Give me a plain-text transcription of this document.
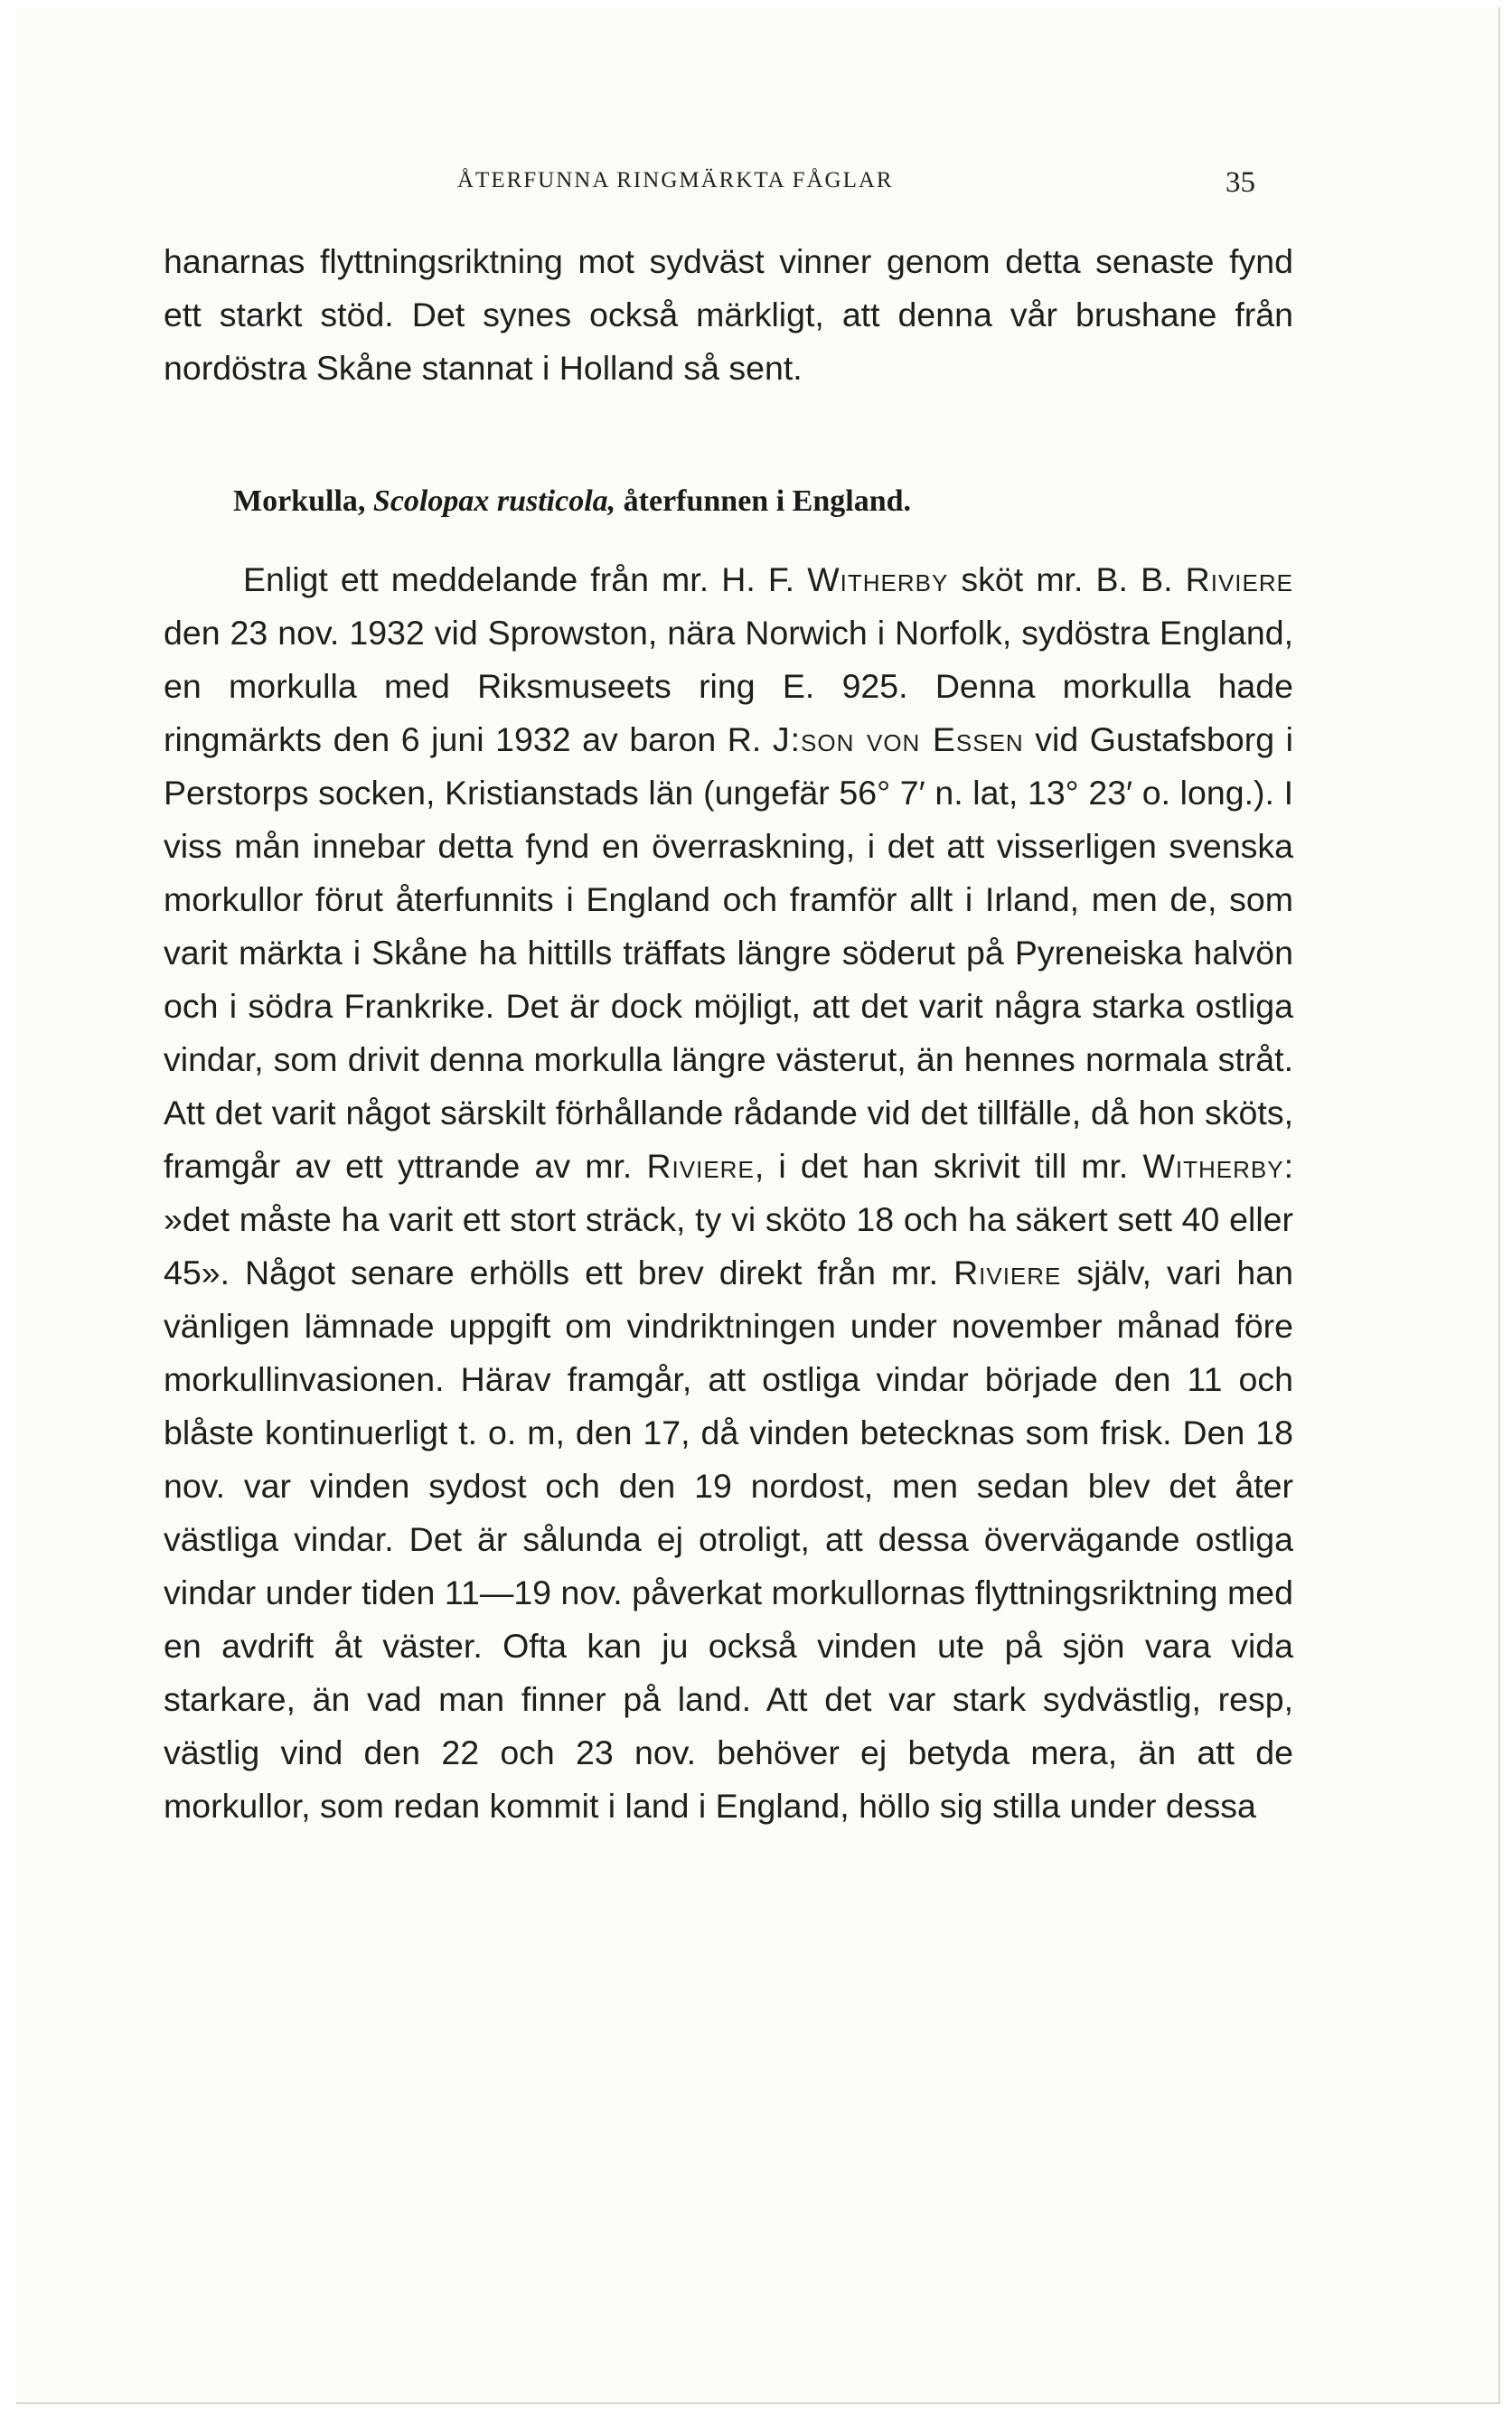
ÅTERFUNNA RINGMÄRKTA FÅGLAR	35

hanarnas flyttningsriktning mot sydväst vinner genom detta senaste fynd ett starkt stöd. Det synes också märkligt, att denna vår brushane från nordöstra Skåne stannat i Holland så sent.

Morkulla, Scolopax rusticola, återfunnen i England.

Enligt ett meddelande från mr. H. F. Witherby sköt mr. B. B. Riviere den 23 nov. 1932 vid Sprowston, nära Norwich i Norfolk, sydöstra England, en morkulla med Riksmuseets ring E. 925. Denna morkulla hade ringmärkts den 6 juni 1932 av baron R. J:son von Essen vid Gustafsborg i Perstorps socken, Kristianstads län (ungefär 56° 7′ n. lat, 13° 23′ o. long.). I viss mån innebar detta fynd en överraskning, i det att visserligen svenska morkullor förut återfunnits i England och framför allt i Irland, men de, som varit märkta i Skåne ha hittills träffats längre söderut på Pyreneiska halvön och i södra Frankrike. Det är dock möjligt, att det varit några starka ostliga vindar, som drivit denna morkulla längre västerut, än hennes normala stråt. Att det varit något särskilt förhållande rådande vid det tillfälle, då hon sköts, framgår av ett yttrande av mr. Riviere, i det han skrivit till mr. Witherby: »det måste ha varit ett stort sträck, ty vi sköto 18 och ha säkert sett 40 eller 45». Något senare erhölls ett brev direkt från mr. Riviere själv, vari han vänligen lämnade uppgift om vindriktningen under november månad före morkullinvasionen. Härav framgår, att ostliga vindar började den 11 och blåste kontinuerligt t. o. m, den 17, då vinden betecknas som frisk. Den 18 nov. var vinden sydost och den 19 nordost, men sedan blev det åter västliga vindar. Det är sålunda ej otroligt, att dessa övervägande ostliga vindar under tiden 11—19 nov. påverkat morkullornas flyttningsriktning med en avdrift åt väster. Ofta kan ju också vinden ute på sjön vara vida starkare, än vad man finner på land. Att det var stark sydvästlig, resp, västlig vind den 22 och 23 nov. behöver ej betyda mera, än att de morkullor, som redan kommit i land i England, höllo sig stilla under dessa
